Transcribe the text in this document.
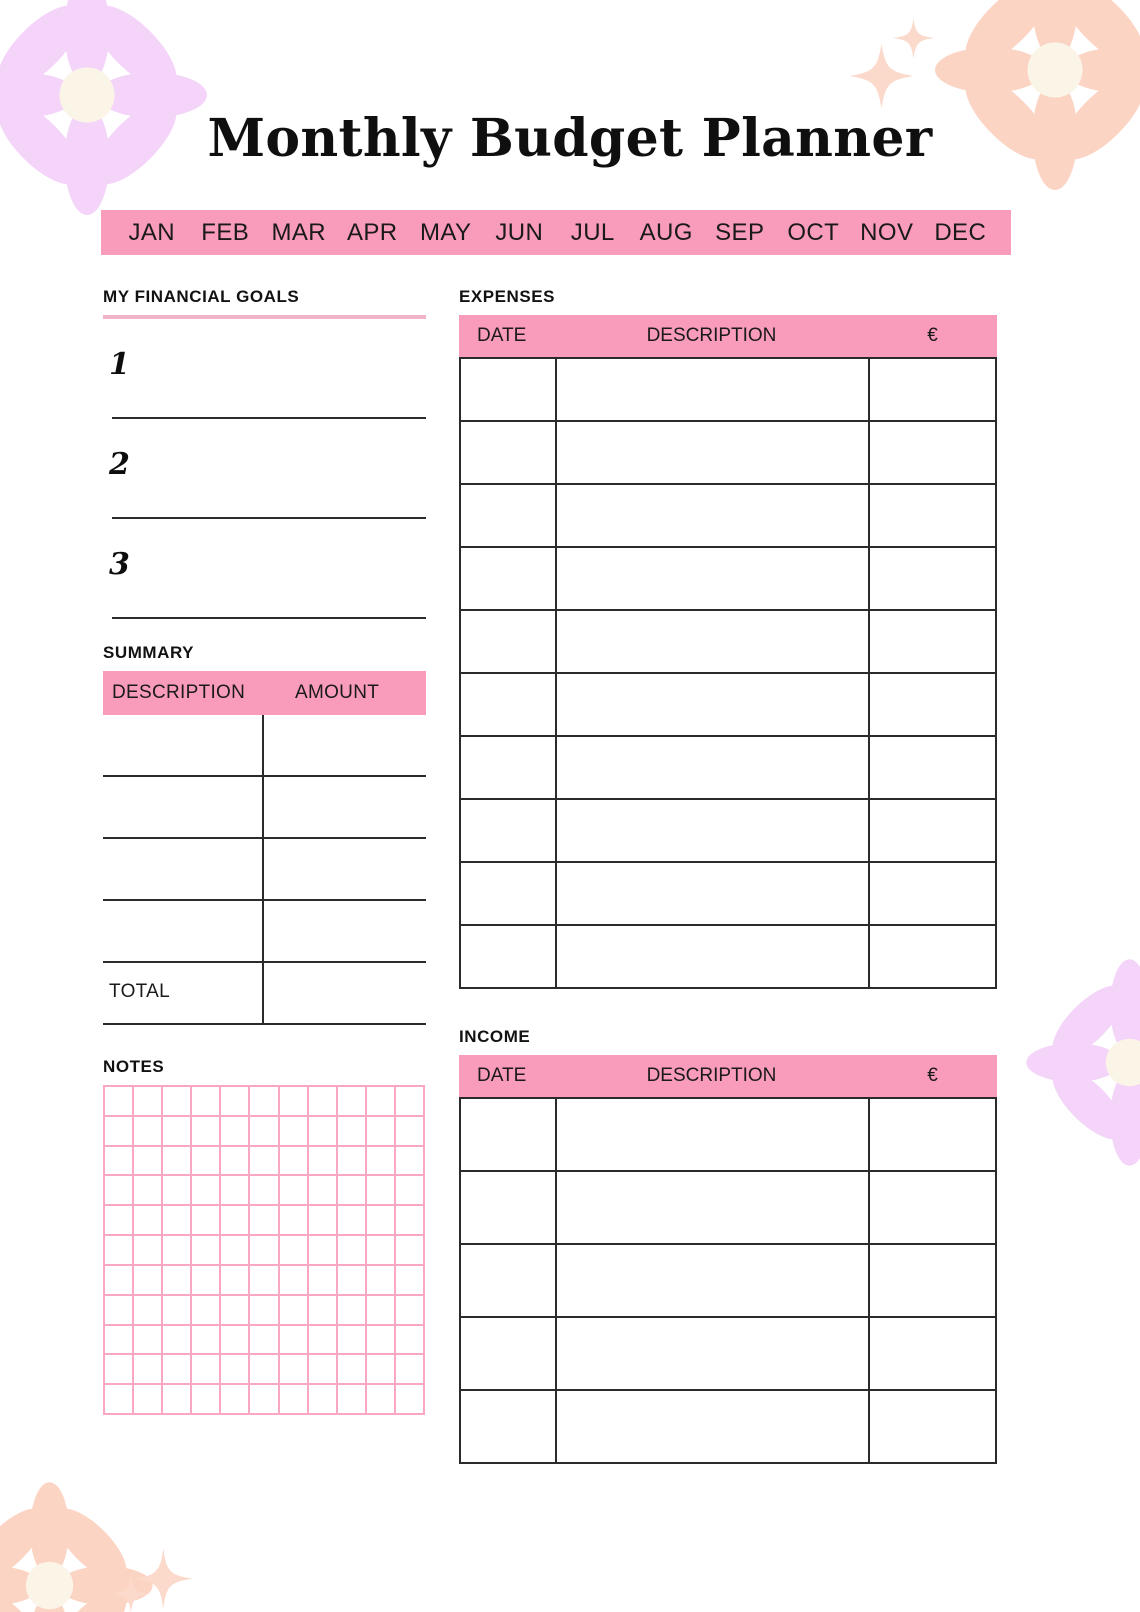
Monthly Budget Planner
JAN	FEB MAR APR MAY JUN	JUL	AUG SEP OCT NOV DEC
MY FINANCIAL GOALS
1
2
3
SUMMARY
DESCRIPTION	AMOUNT
TOTAL
NOTES
EXPENSES
DATE	DESCRIPTION	€
INCOME
DATE	DESCRIPTION	€
